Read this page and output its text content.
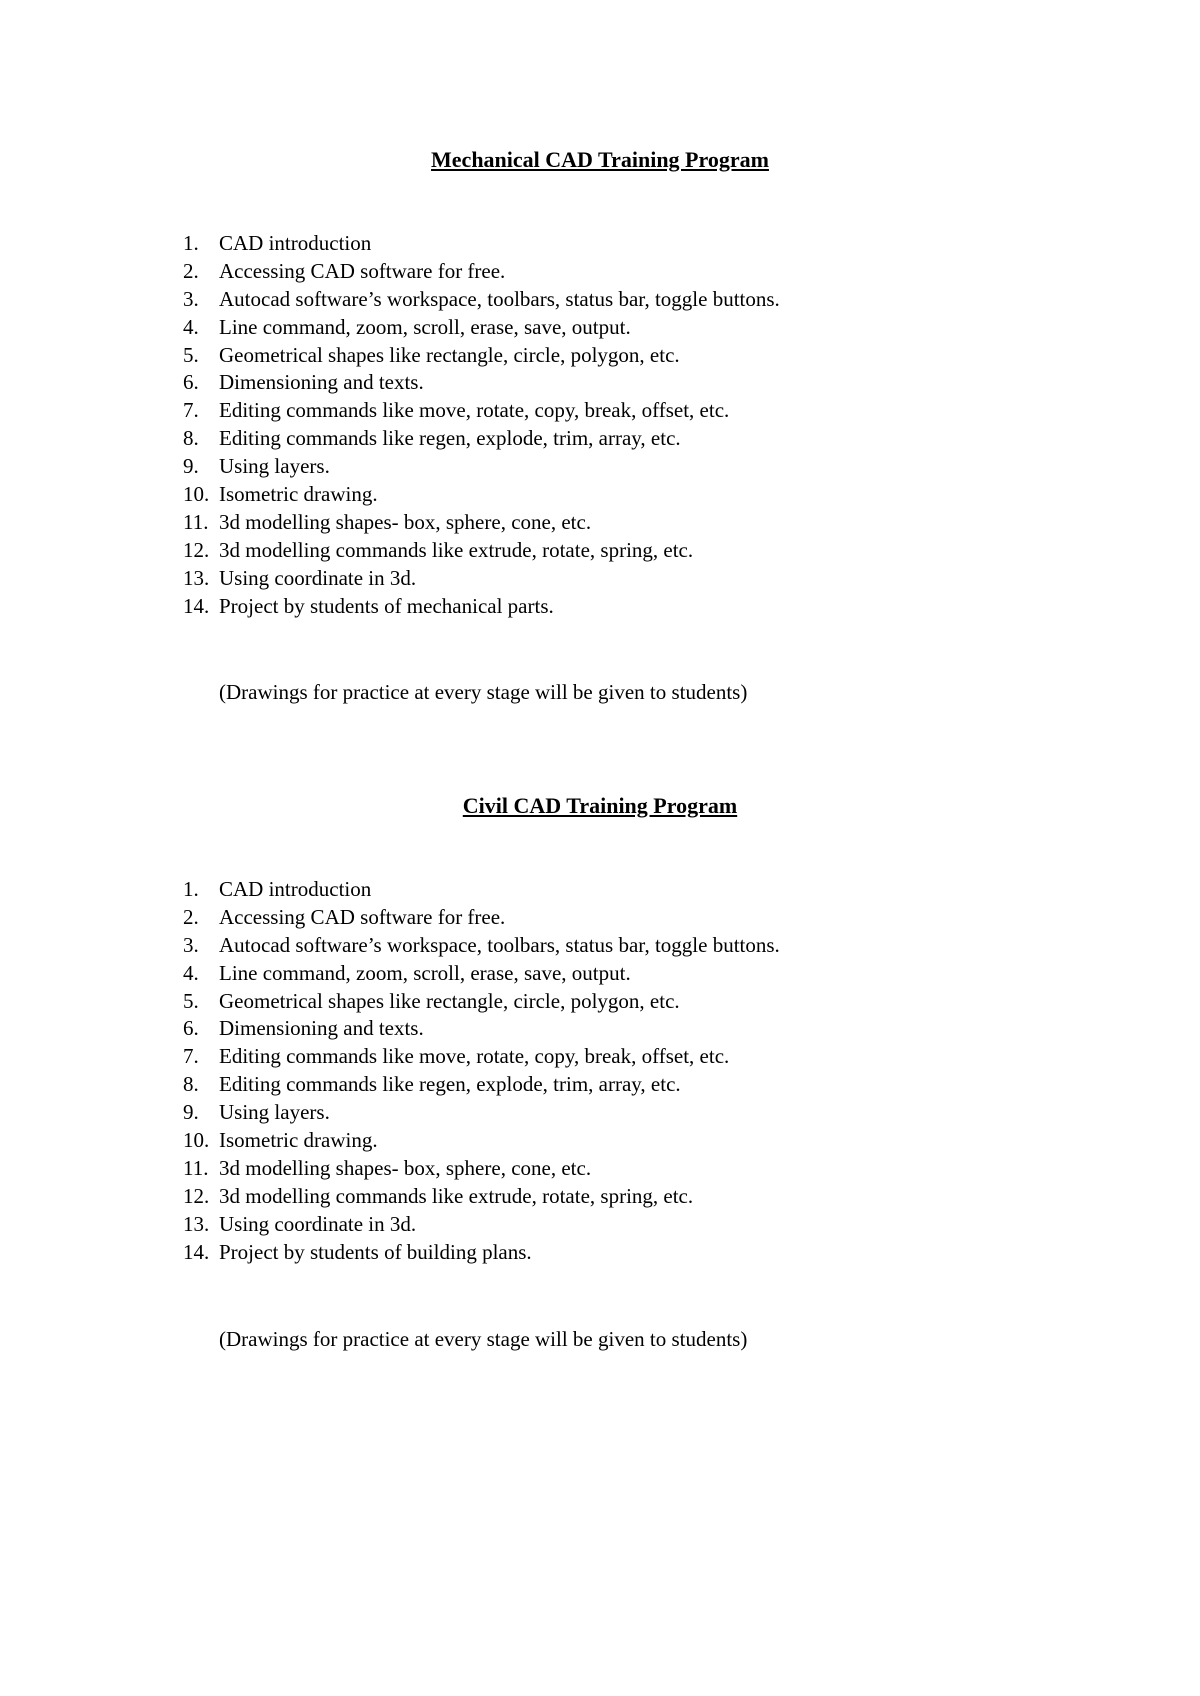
Mechanical CAD Training Program
1. CAD introduction
2. Accessing CAD software for free.
3. Autocad software’s workspace, toolbars, status bar, toggle buttons.
4. Line command, zoom, scroll, erase, save, output.
5. Geometrical shapes like rectangle, circle, polygon, etc.
6. Dimensioning and texts.
7. Editing commands like move, rotate, copy, break, offset, etc.
8. Editing commands like regen, explode, trim, array, etc.
9. Using layers.
10. Isometric drawing.
11. 3d modelling shapes- box, sphere, cone, etc.
12. 3d modelling commands like extrude, rotate, spring, etc.
13. Using coordinate in 3d.
14. Project by students of mechanical parts.

(Drawings for practice at every stage will be given to students)

Civil CAD Training Program
1. CAD introduction
2. Accessing CAD software for free.
3. Autocad software’s workspace, toolbars, status bar, toggle buttons.
4. Line command, zoom, scroll, erase, save, output.
5. Geometrical shapes like rectangle, circle, polygon, etc.
6. Dimensioning and texts.
7. Editing commands like move, rotate, copy, break, offset, etc.
8. Editing commands like regen, explode, trim, array, etc.
9. Using layers.
10. Isometric drawing.
11. 3d modelling shapes- box, sphere, cone, etc.
12. 3d modelling commands like extrude, rotate, spring, etc.
13. Using coordinate in 3d.
14. Project by students of building plans.

(Drawings for practice at every stage will be given to students)
